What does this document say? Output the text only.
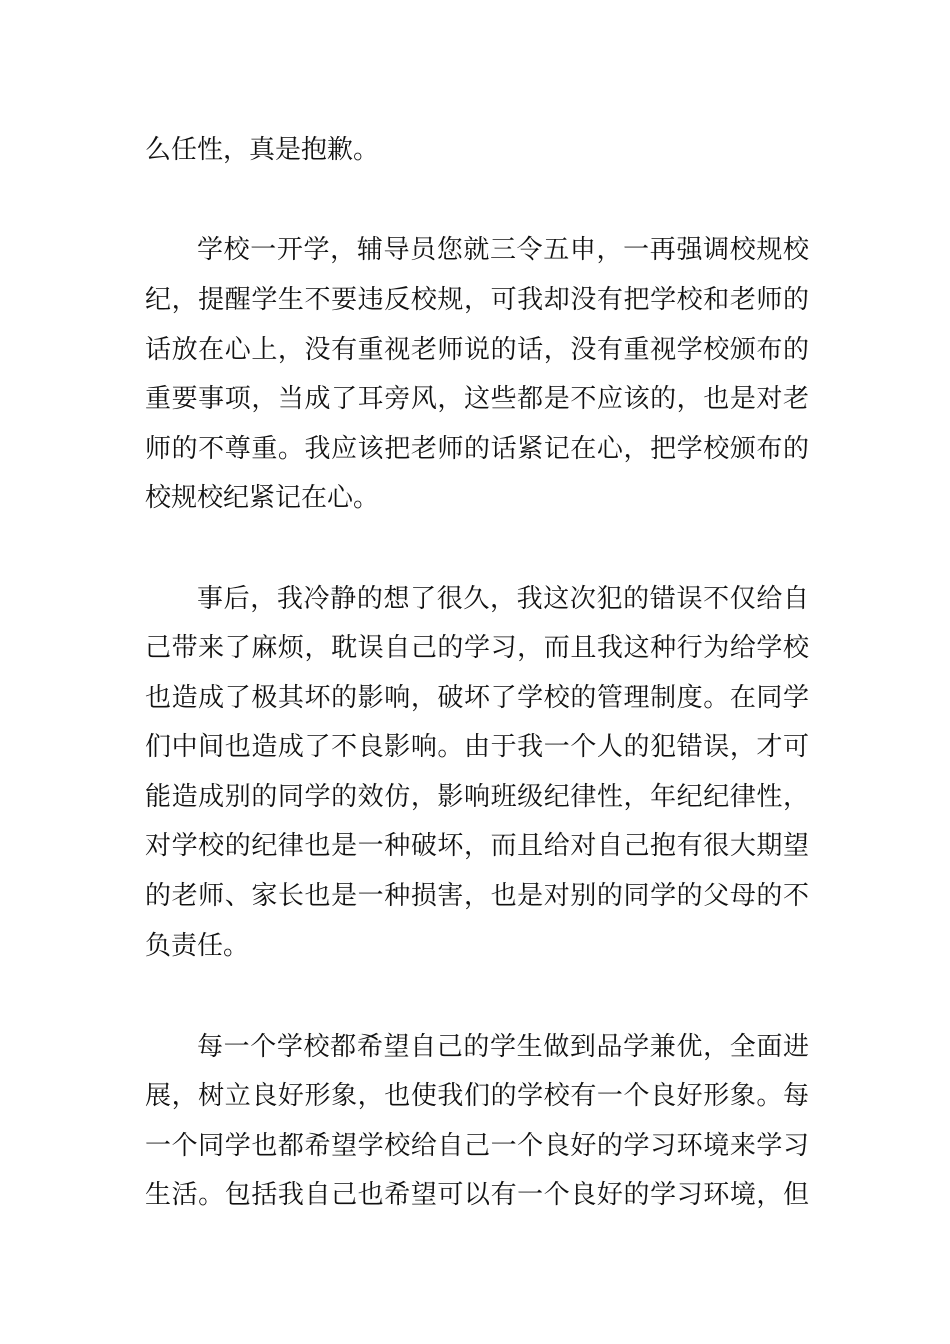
么任性，真是抱歉。
学校一开学，辅导员您就三令五申，一再强调校规校
纪，提醒学生不要违反校规，可我却没有把学校和老师的
话放在心上，没有重视老师说的话，没有重视学校颁布的
重要事项，当成了耳旁风，这些都是不应该的，也是对老
师的不尊重。我应该把老师的话紧记在心，把学校颁布的
校规校纪紧记在心。
事后，我冷静的想了很久，我这次犯的错误不仅给自
己带来了麻烦，耽误自己的学习，而且我这种行为给学校
也造成了极其坏的影响，破坏了学校的管理制度。在同学
们中间也造成了不良影响。由于我一个人的犯错误，才可
能造成别的同学的效仿，影响班级纪律性，年纪纪律性，
对学校的纪律也是一种破坏，而且给对自己抱有很大期望
的老师、家长也是一种损害，也是对别的同学的父母的不
负责任。
每一个学校都希望自己的学生做到品学兼优，全面进
展，树立良好形象，也使我们的学校有一个良好形象。每
一个同学也都希望学校给自己一个良好的学习环境来学习
生活。包括我自己也希望可以有一个良好的学习环境，但
